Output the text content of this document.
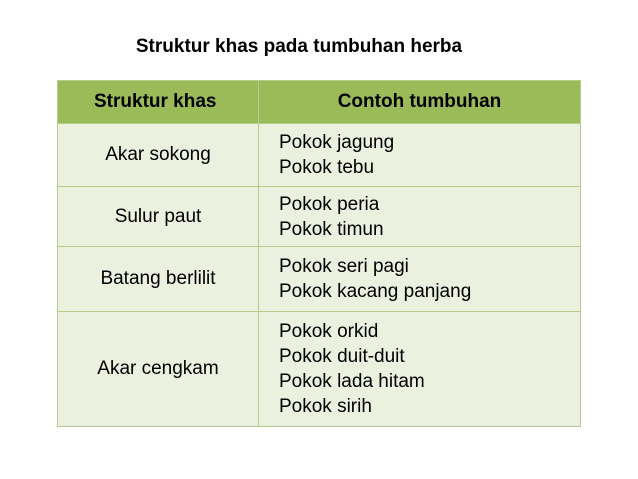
Struktur khas pada tumbuhan herba
Struktur khas	Contoh tumbuhan
Akar sokong	Pokok jagung
Pokok tebu

Sulur paut	Pokok peria
Pokok timun

Batang berlilit	Pokok seri pagi
Pokok kacang panjang

Akar cengkam	Pokok orkid
Pokok duit-duit
Pokok lada hitam
Pokok sirih
